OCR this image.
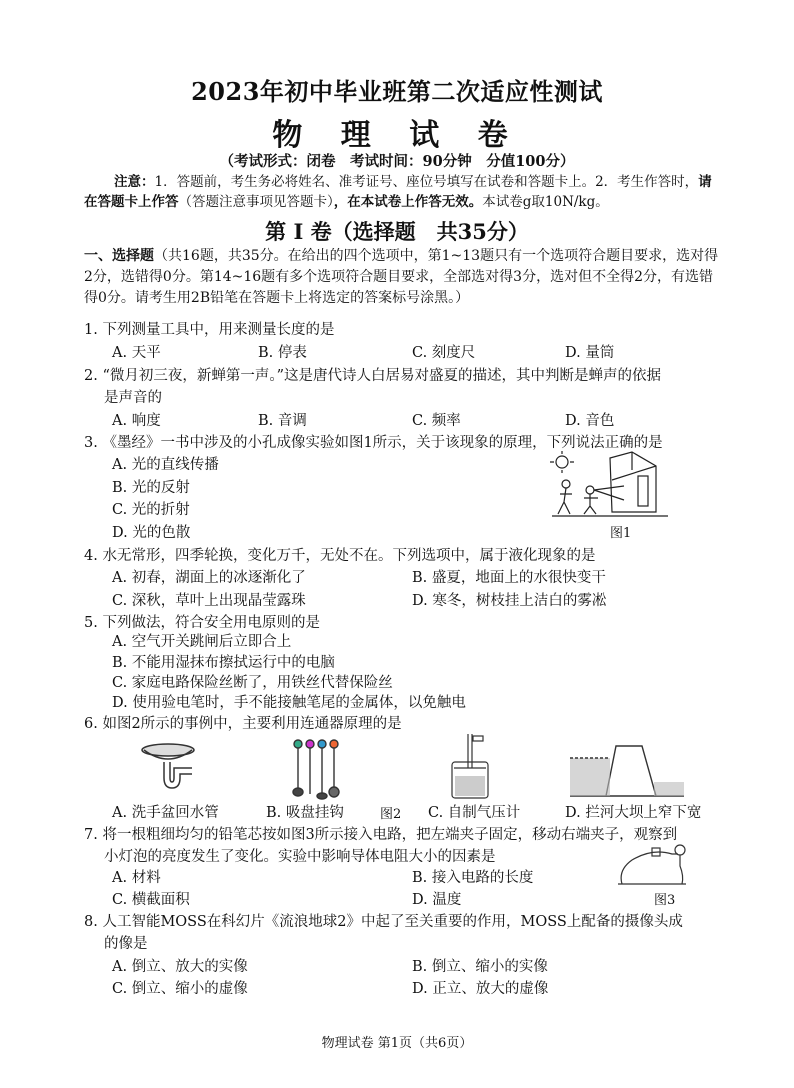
2023年初中毕业班第二次适应性测试
物 理 试 卷
（考试形式：闭卷　考试时间：90分钟　分值100分）
注意：1．答题前，考生务必将姓名、准考证号、座位号填写在试卷和答题卡上。2．考生作答时，请在答题卡上作答（答题注意事项见答题卡），在本试卷上作答无效。本试卷g取10N/kg。
第 I 卷（选择题　共35分）
一、选择题（共16题，共35分。在给出的四个选项中，第1~13题只有一个选项符合题目要求，选对得2分，选错得0分。第14~16题有多个选项符合题目要求，全部选对得3分，选对但不全得2分，有选错得0分。请考生用2B铅笔在答题卡上将选定的答案标号涂黑。）
1. 下列测量工具中，用来测量长度的是
A. 天平	B. 停表	C. 刻度尺	D. 量筒
2. “微月初三夜，新蝉第一声。”这是唐代诗人白居易对盛夏的描述，其中判断是蝉声的依据
是声音的
A. 响度	B. 音调	C. 频率	D. 音色
3. 《墨经》一书中涉及的小孔成像实验如图1所示，关于该现象的原理，下列说法正确的是
A. 光的直线传播
B. 光的反射
C. 光的折射
D. 光的色散	图1
4. 水无常形，四季轮换，变化万千，无处不在。下列选项中，属于液化现象的是
A. 初春，湖面上的冰逐渐化了	B. 盛夏，地面上的水很快变干
C. 深秋，草叶上出现晶莹露珠	D. 寒冬，树枝挂上洁白的雾凇
5. 下列做法，符合安全用电原则的是
A. 空气开关跳闸后立即合上
B. 不能用湿抹布擦拭运行中的电脑
C. 家庭电路保险丝断了，用铁丝代替保险丝
D. 使用验电笔时，手不能接触笔尾的金属体，以免触电
6. 如图2所示的事例中，主要利用连通器原理的是
A. 洗手盆回水管	B. 吸盘挂钩	图2 C. 自制气压计	D. 拦河大坝上窄下宽
7. 将一根粗细均匀的铅笔芯按如图3所示接入电路，把左端夹子固定，移动右端夹子，观察到
小灯泡的亮度发生了变化。实验中影响导体电阻大小的因素是
A. 材料	B. 接入电路的长度
C. 横截面积	D. 温度	图3
8. 人工智能MOSS在科幻片《流浪地球2》中起了至关重要的作用，MOSS上配备的摄像头成
的像是
A. 倒立、放大的实像	B. 倒立、缩小的实像
C. 倒立、缩小的虚像	D. 正立、放大的虚像
物理试卷 第1页（共6页）
